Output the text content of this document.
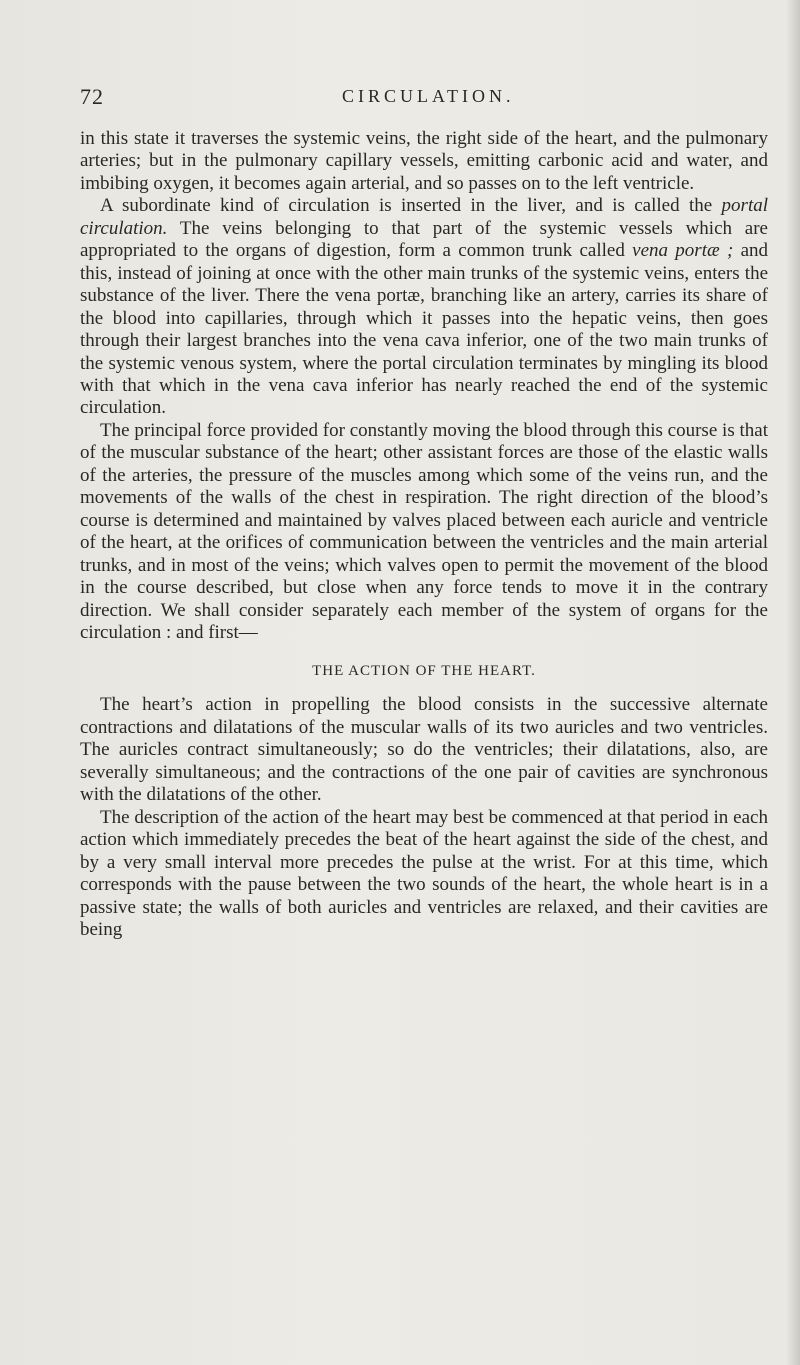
72	CIRCULATION.

in this state it traverses the systemic veins, the right side of the heart, and the pulmonary arteries; but in the pulmonary capillary vessels, emitting carbonic acid and water, and imbibing oxygen, it becomes again arterial, and so passes on to the left ventricle.

A subordinate kind of circulation is inserted in the liver, and is called the portal circulation. The veins belonging to that part of the systemic vessels which are appropriated to the organs of digestion, form a common trunk called vena portæ ; and this, instead of joining at once with the other main trunks of the systemic veins, enters the substance of the liver. There the vena portæ, branching like an artery, carries its share of the blood into capillaries, through which it passes into the hepatic veins, then goes through their largest branches into the vena cava inferior, one of the two main trunks of the systemic venous system, where the portal circulation terminates by mingling its blood with that which in the vena cava inferior has nearly reached the end of the systemic circulation.

The principal force provided for constantly moving the blood through this course is that of the muscular substance of the heart; other assistant forces are those of the elastic walls of the arteries, the pressure of the muscles among which some of the veins run, and the movements of the walls of the chest in respiration. The right direction of the blood’s course is determined and maintained by valves placed between each auricle and ventricle of the heart, at the orifices of communication between the ventricles and the main arterial trunks, and in most of the veins; which valves open to permit the movement of the blood in the course described, but close when any force tends to move it in the contrary direction. We shall consider separately each member of the system of organs for the circulation : and first—

THE ACTION OF THE HEART.

The heart’s action in propelling the blood consists in the successive alternate contractions and dilatations of the muscular walls of its two auricles and two ventricles. The auricles contract simultaneously; so do the ventricles; their dilatations, also, are severally simultaneous; and the contractions of the one pair of cavities are synchronous with the dilatations of the other.

The description of the action of the heart may best be commenced at that period in each action which immediately precedes the beat of the heart against the side of the chest, and by a very small interval more precedes the pulse at the wrist. For at this time, which corresponds with the pause between the two sounds of the heart, the whole heart is in a passive state; the walls of both auricles and ventricles are relaxed, and their cavities are being
